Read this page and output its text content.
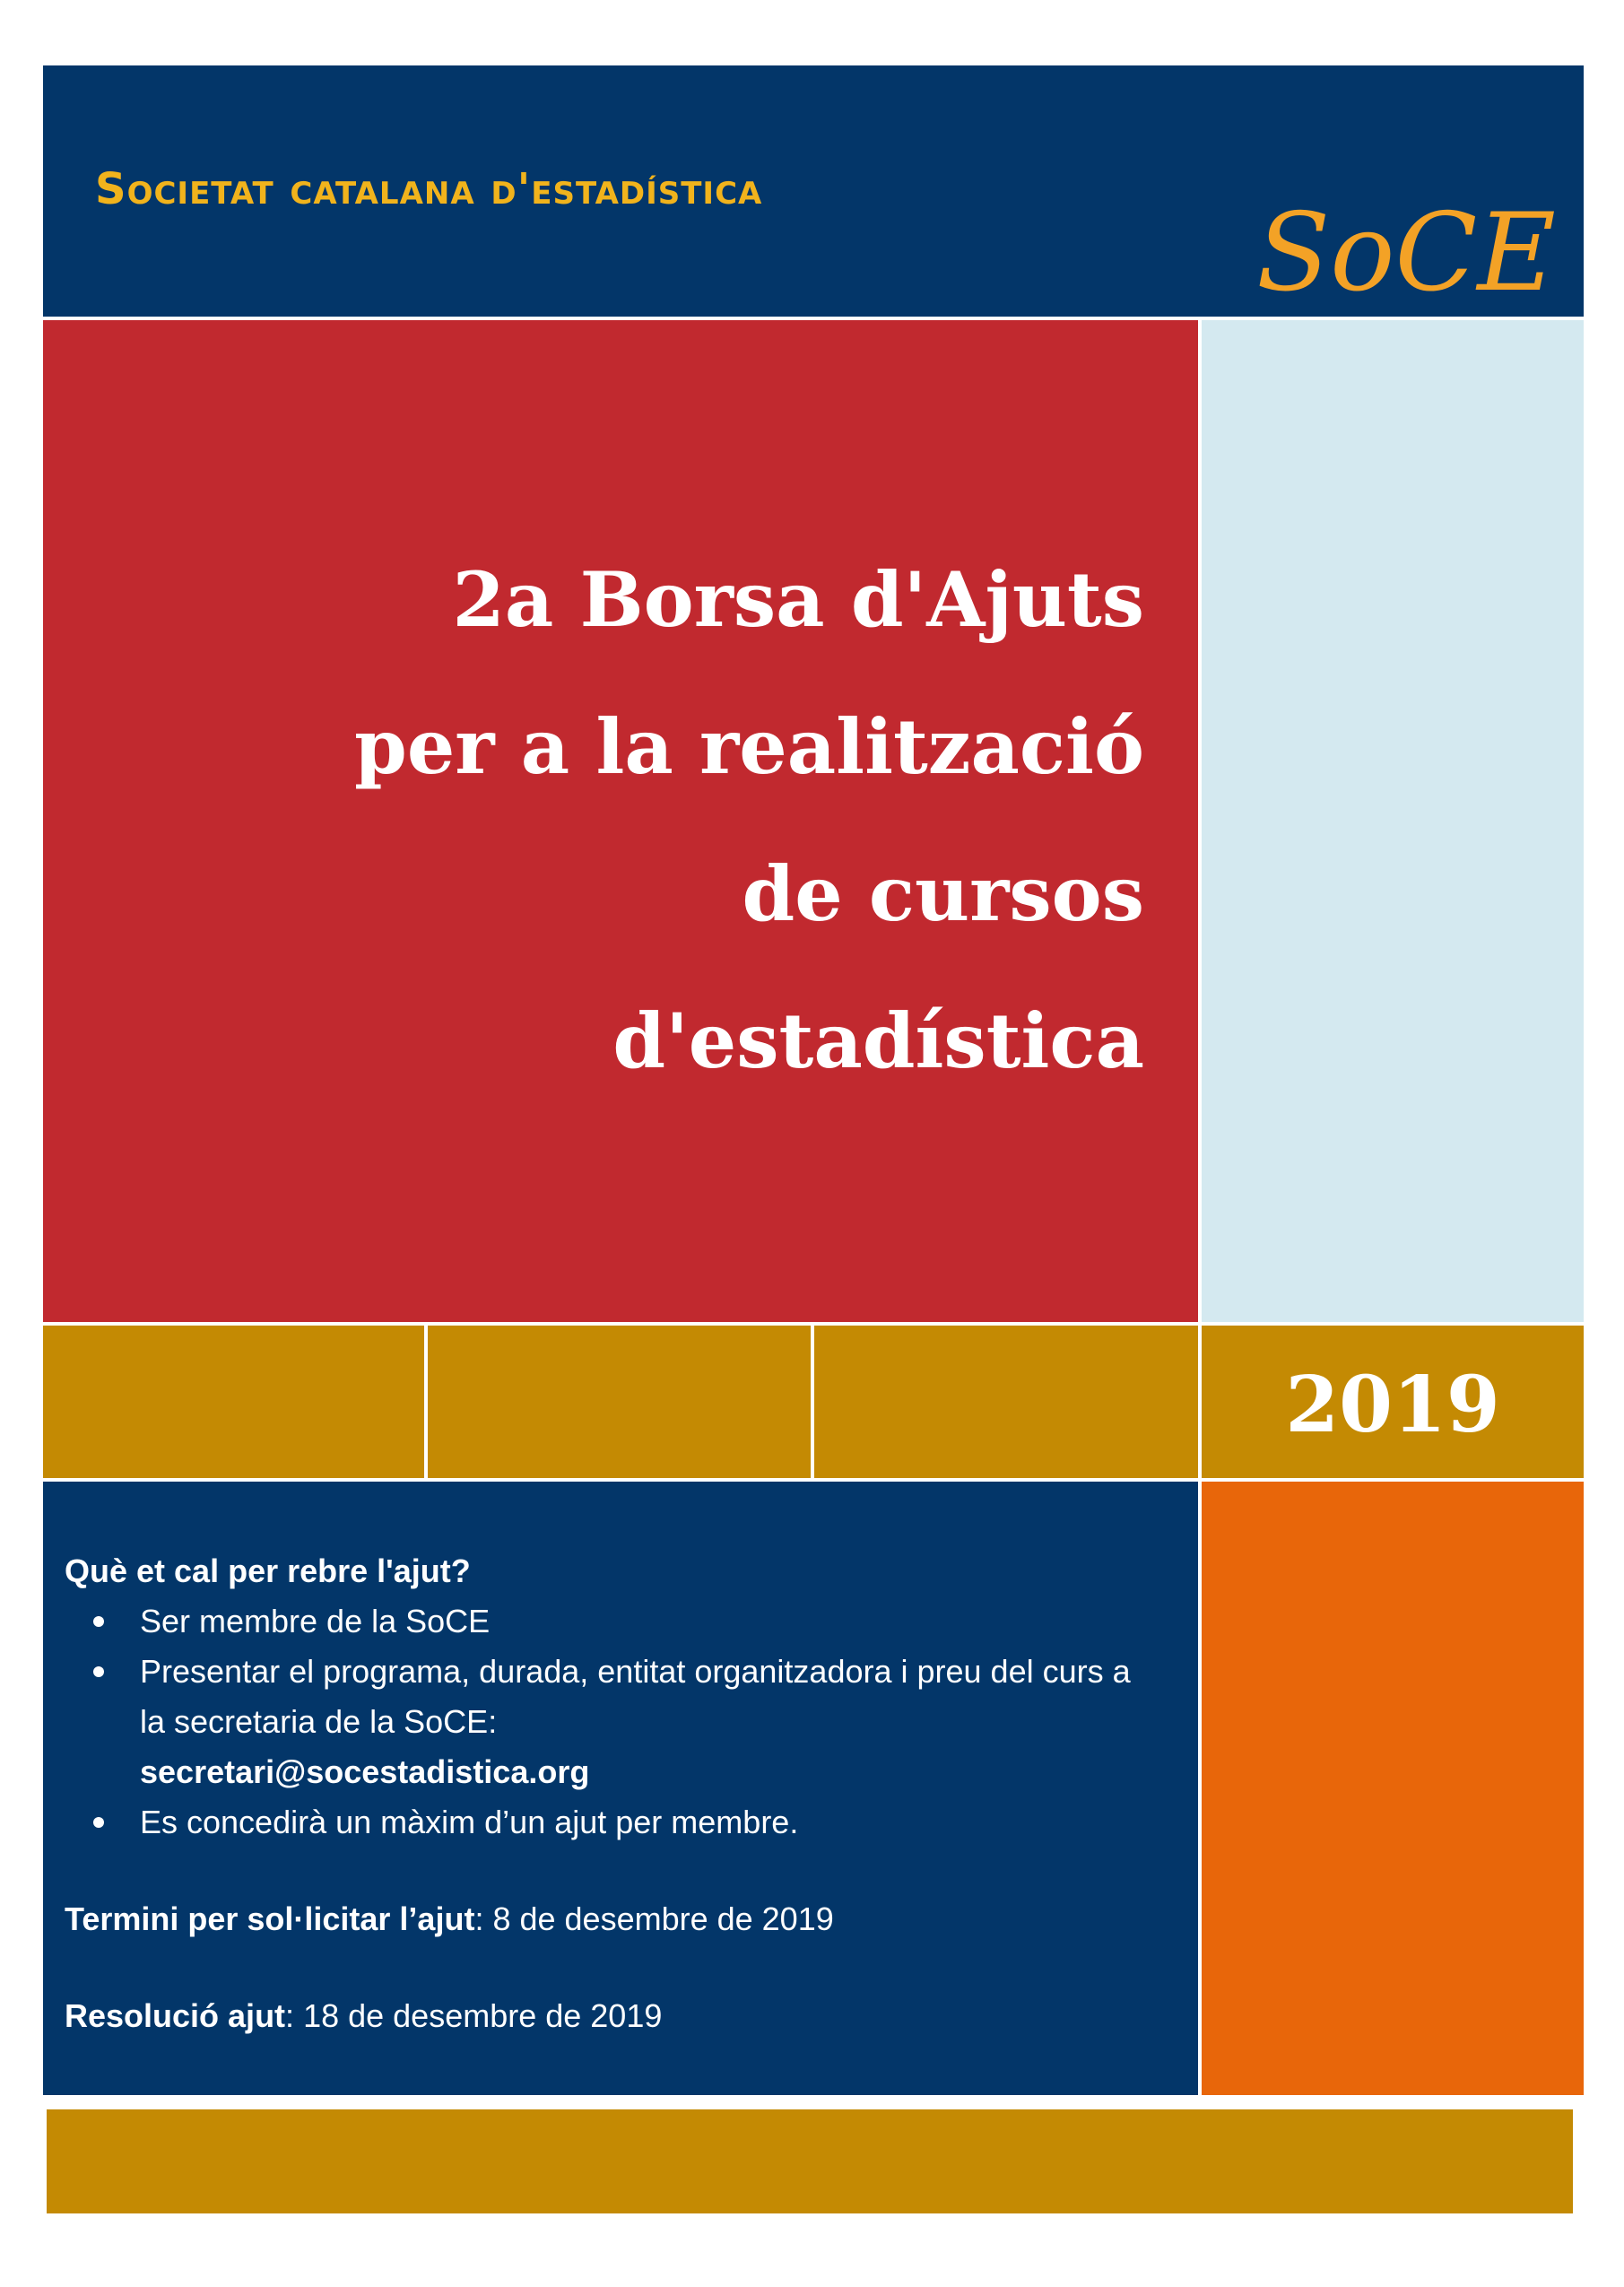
Societat catalana d'estadística
SoCE
2a Borsa d'Ajuts
per a la realització
de cursos
d'estadística
2019

Què et cal per rebre l'ajut?

Ser membre de la SoCE
Presentar el programa, durada, entitat organitzadora i preu del curs a la secretaria de la SoCE:
secretari@socestadistica.org
Es concedirà un màxim d’un ajut per membre.

Termini per sol·licitar l’ajut: 8 de desembre de 2019

Resolució ajut: 18 de desembre de 2019
